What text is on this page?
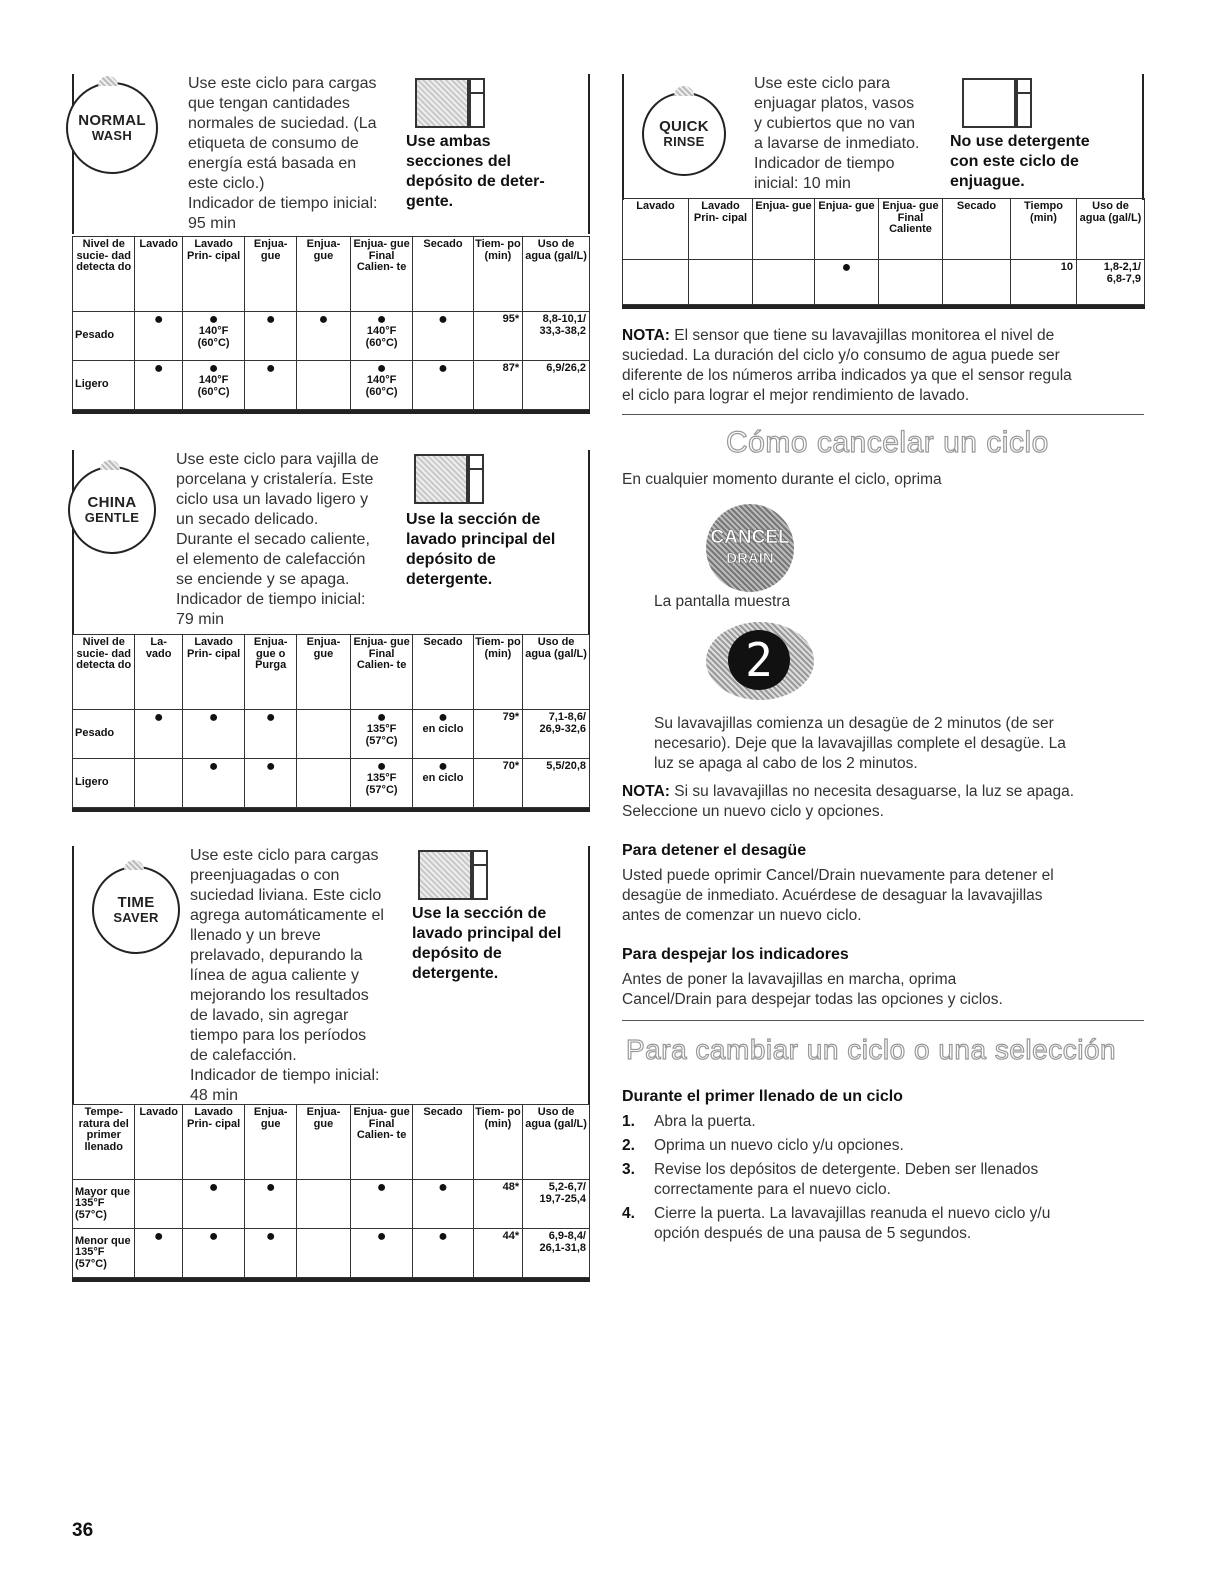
NORMAL
WASH
Use este ciclo para cargas
que tengan cantidades
normales de suciedad. (La
etiqueta de consumo de
energía está basada en
este ciclo.)
Indicador de tiempo inicial:
95 min
Use ambas
secciones del
depósito de deter-
gente.
Nivel de sucie- dad detecta do	Lavado	Lavado Prin- cipal	Enjua- gue	Enjua- gue	Enjua- gue Final Calien- te	Secado	Tiem- po (min)	Uso de agua (gal/L)
Pesado	●	●
140°F
(60°C)	●	●	●
140°F
(60°C)	●	95*	8,8-10,1/
33,3-38,2

Ligero	●	●
140°F
(60°C)	●		●
140°F
(60°C)	●	87*	6,9/26,2
CHINA
GENTLE
Use este ciclo para vajilla de
porcelana y cristalería. Este
ciclo usa un lavado ligero y
un secado delicado.
Durante el secado caliente,
el elemento de calefacción
se enciende y se apaga.
Indicador de tiempo inicial:
79 min
Use la sección de
lavado principal del
depósito de
detergente.
Nivel de sucie- dad detecta do	La- vado	Lavado Prin- cipal	Enjua- gue o Purga	Enjua- gue	Enjua- gue Final Calien- te	Secado	Tiem- po (min)	Uso de agua (gal/L)
Pesado	●	●	●		●
135°F
(57°C)	●
en ciclo	79*	7,1-8,6/
26,9-32,6

Ligero		●	●		●
135°F
(57°C)	●
en ciclo	70*	5,5/20,8
TIME
SAVER
Use este ciclo para cargas
preenjuagadas o con
suciedad liviana. Este ciclo
agrega automáticamente el
llenado y un breve
prelavado, depurando la
línea de agua caliente y
mejorando los resultados
de lavado, sin agregar
tiempo para los períodos
de calefacción.
Indicador de tiempo inicial:
48 min
Use la sección de
lavado principal del
depósito de
detergente.
Tempe- ratura del primer llenado	Lavado	Lavado Prin- cipal	Enjua- gue	Enjua- gue	Enjua- gue Final Calien- te	Secado	Tiem- po (min)	Uso de agua (gal/L)
Mayor que 135°F (57°C)		●	●		●	●	48*	5,2-6,7/
19,7-25,4

Menor que 135°F (57°C)	●	●	●		●	●	44*	6,9-8,4/
26,1-31,8
36
QUICK
RINSE
Use este ciclo para
enjuagar platos, vasos
y cubiertos que no van
a lavarse de inmediato.
Indicador de tiempo
inicial: 10 min
No use detergente
con este ciclo de
enjuague.
Lavado	Lavado Prin- cipal	Enjua- gue	Enjua- gue	Enjua- gue Final Caliente	Secado	Tiempo (min)	Uso de agua (gal/L)

			●			10	1,8-2,1/
6,8-7,9
NOTA: El sensor que tiene su lavavajillas monitorea el nivel de
suciedad. La duración del ciclo y/o consumo de agua puede ser
diferente de los números arriba indicados ya que el sensor regula
el ciclo para lograr el mejor rendimiento de lavado.
Cómo cancelar un ciclo
En cualquier momento durante el ciclo, oprima
CANCEL
DRAIN
La pantalla muestra
2
Su lavavajillas comienza un desagüe de 2 minutos (de ser
necesario). Deje que la lavavajillas complete el desagüe. La
luz se apaga al cabo de los 2 minutos.
NOTA: Si su lavavajillas no necesita desaguarse, la luz se apaga.
Seleccione un nuevo ciclo y opciones.
Para detener el desagüe
Usted puede oprimir Cancel/Drain nuevamente para detener el
desagüe de inmediato. Acuérdese de desaguar la lavavajillas
antes de comenzar un nuevo ciclo.
Para despejar los indicadores
Antes de poner la lavavajillas en marcha, oprima
Cancel/Drain para despejar todas las opciones y ciclos.
Para cambiar un ciclo o una selección
Durante el primer llenado de un ciclo
1.	Abra la puerta.
2.	Oprima un nuevo ciclo y/u opciones.
3.	Revise los depósitos de detergente. Deben ser llenados
correctamente para el nuevo ciclo.
4.	Cierre la puerta. La lavavajillas reanuda el nuevo ciclo y/u
opción después de una pausa de 5 segundos.
